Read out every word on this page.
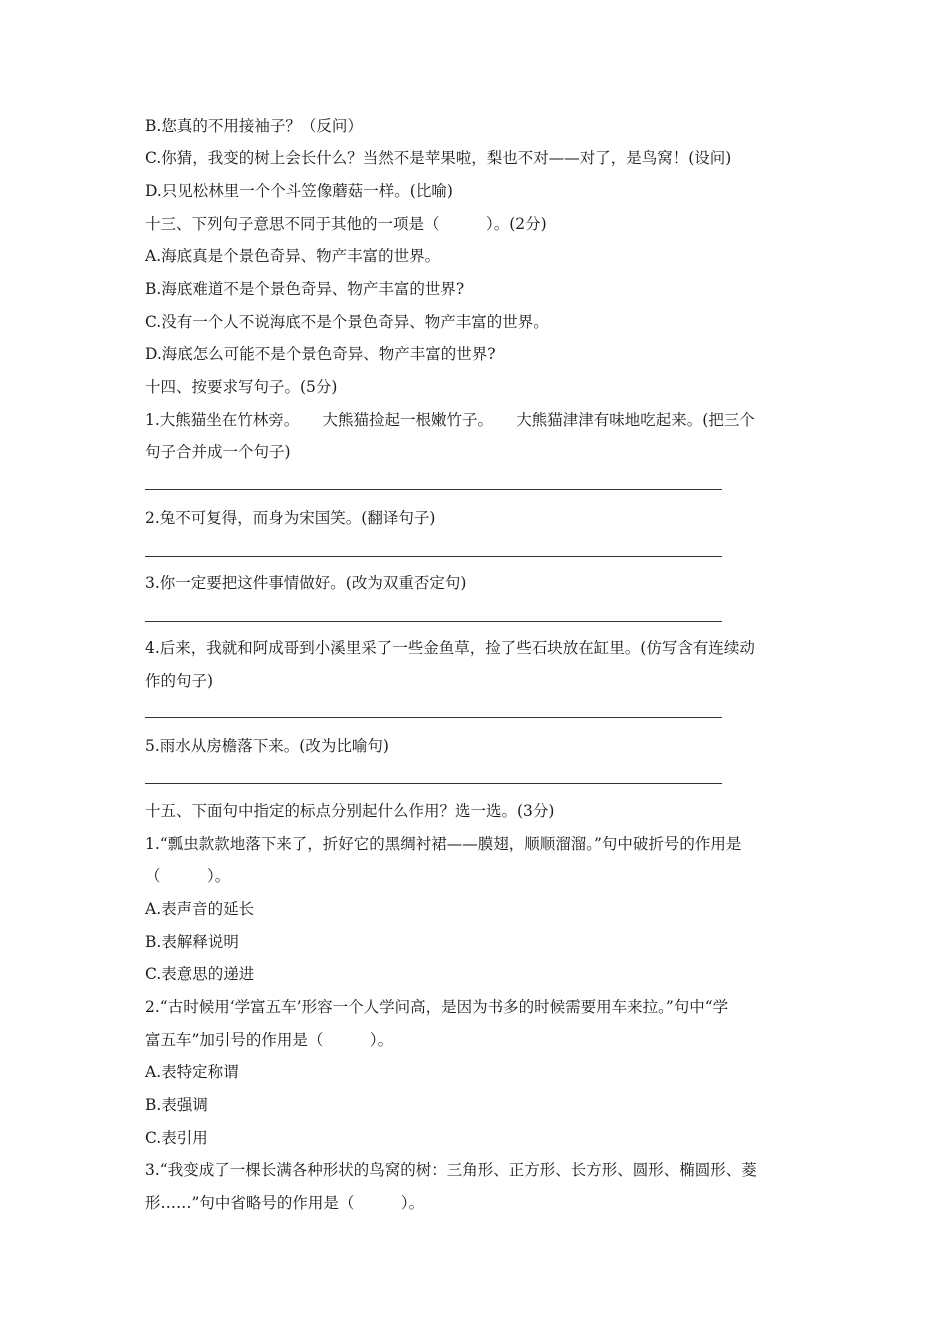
B.您真的不用接袖子？（反问）
C.你猜，我变的树上会长什么？当然不是苹果啦，梨也不对——对了，是鸟窝！(设问)
D.只见松林里一个个斗笠像蘑菇一样。(比喻)
十三、下列句子意思不同于其他的一项是（　　　）。(2分)
A.海底真是个景色奇异、物产丰富的世界。
B.海底难道不是个景色奇异、物产丰富的世界?
C.没有一个人不说海底不是个景色奇异、物产丰富的世界。
D.海底怎么可能不是个景色奇异、物产丰富的世界?
十四、按要求写句子。(5分)
1.大熊猫坐在竹林旁。　　大熊猫捡起一根嫩竹子。　　大熊猫津津有味地吃起来。(把三个
句子合并成一个句子)
2.兔不可复得，而身为宋国笑。(翻译句子)
3.你一定要把这件事情做好。(改为双重否定句)
4.后来，我就和阿成哥到小溪里采了一些金鱼草，捡了些石块放在缸里。(仿写含有连续动
作的句子)
5.雨水从房檐落下来。(改为比喻句)
十五、下面句中指定的标点分别起什么作用？选一选。(3分)
1.“瓢虫款款地落下来了，折好它的黑绸衬裙——膜翅，顺顺溜溜。”句中破折号的作用是
（　　　）。
A.表声音的延长
B.表解释说明
C.表意思的递进
2.“古时候用‘学富五车’形容一个人学问高，是因为书多的时候需要用车来拉。”句中“学
富五车”加引号的作用是（　　　）。
A.表特定称谓
B.表强调
C.表引用
3.“我变成了一棵长满各种形状的鸟窝的树：三角形、正方形、长方形、圆形、椭圆形、菱
形……”句中省略号的作用是（　　　）。
